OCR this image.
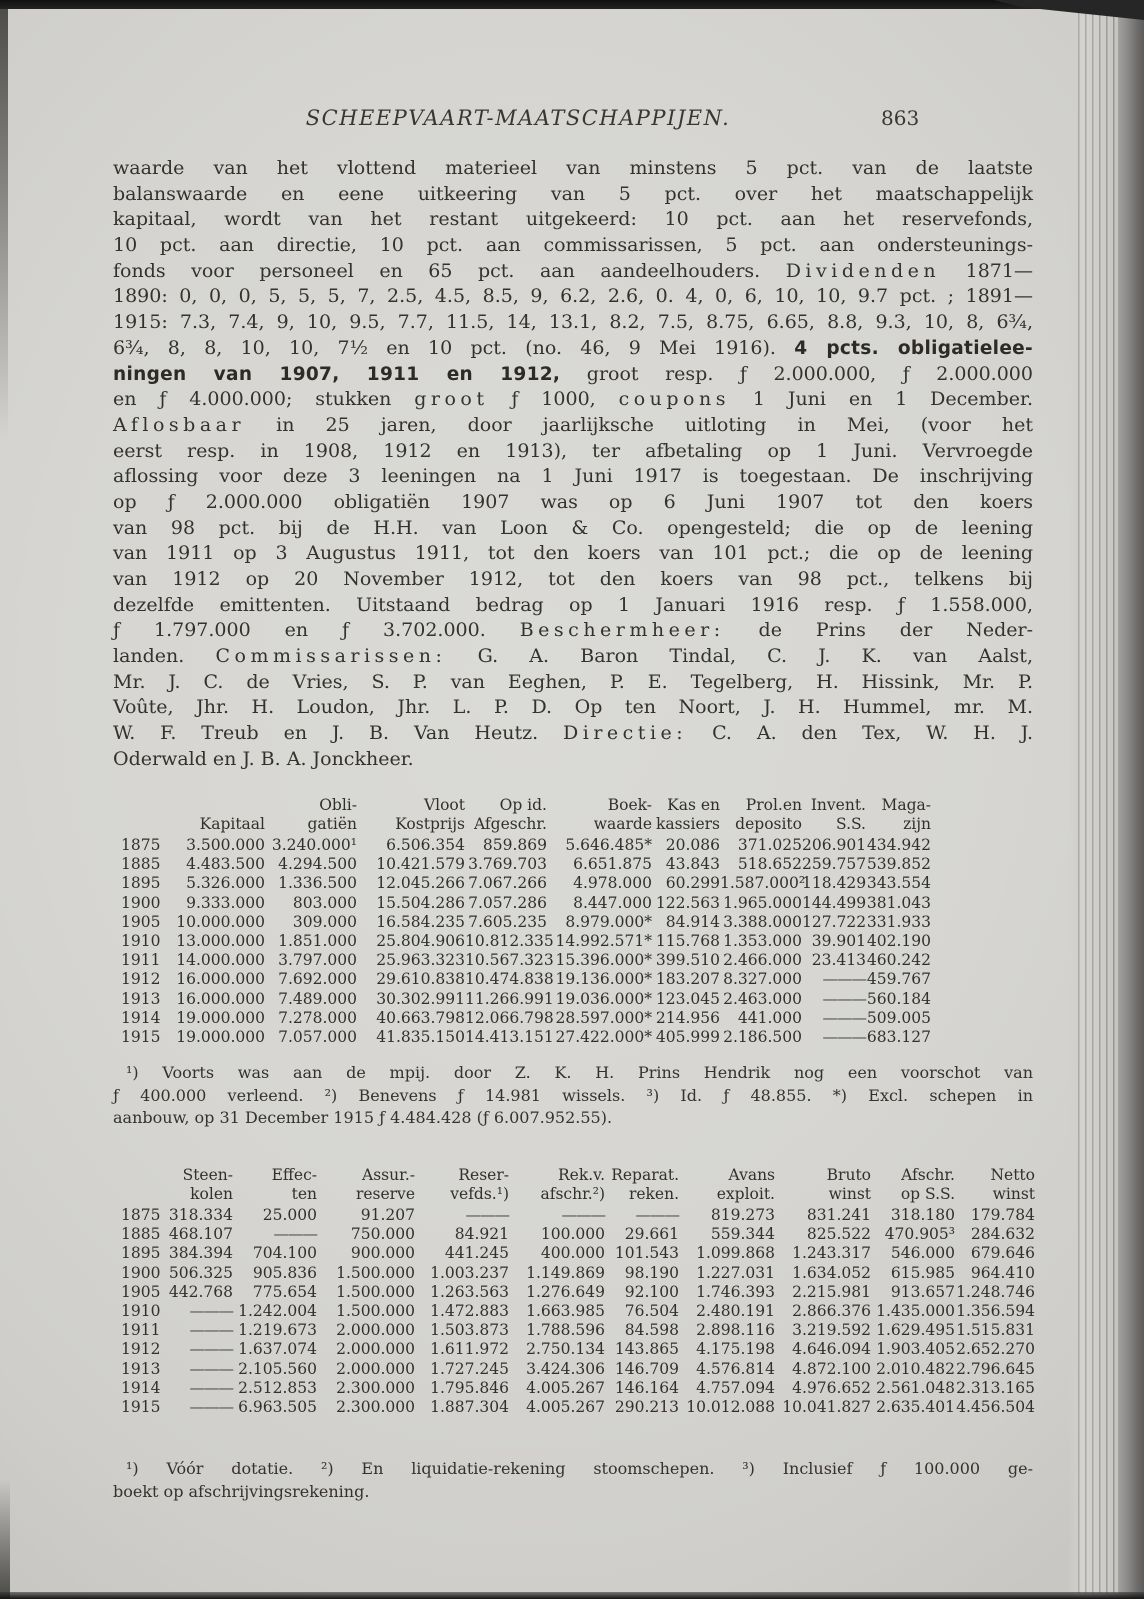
SCHEEPVAART-MAATSCHAPPIJEN.	863
waarde van het vlottend materieel van minstens 5 pct. van de laatste
balanswaarde en eene uitkeering van 5 pct. over het maatschappelijk
kapitaal, wordt van het restant uitgekeerd: 10 pct. aan het reservefonds,
10 pct. aan directie, 10 pct. aan commissarissen, 5 pct. aan ondersteunings-
fonds voor personeel en 65 pct. aan aandeelhouders. Dividenden 1871—
1890: 0, 0, 0, 5, 5, 5, 7, 2.5, 4.5, 8.5, 9, 6.2, 2.6, 0. 4, 0, 6, 10, 10, 9.7 pct. ; 1891—
1915: 7.3, 7.4, 9, 10, 9.5, 7.7, 11.5, 14, 13.1, 8.2, 7.5, 8.75, 6.65, 8.8, 9.3, 10, 8, 6¾,
6¾, 8, 8, 10, 10, 7½ en 10 pct. (no. 46, 9 Mei 1916). 4 pcts. obligatielee-
ningen van 1907, 1911 en 1912, groot resp. ƒ 2.000.000, ƒ 2.000.000
en ƒ 4.000.000; stukken groot ƒ 1000, coupons 1 Juni en 1 December.
Aflosbaar in 25 jaren, door jaarlijksche uitloting in Mei, (voor het
eerst resp. in 1908, 1912 en 1913), ter afbetaling op 1 Juni. Vervroegde
aflossing voor deze 3 leeningen na 1 Juni 1917 is toegestaan. De inschrijving
op ƒ 2.000.000 obligatiën 1907 was op 6 Juni 1907 tot den koers
van 98 pct. bij de H.H. van Loon & Co. opengesteld; die op de leening
van 1911 op 3 Augustus 1911, tot den koers van 101 pct.; die op de leening
van 1912 op 20 November 1912, tot den koers van 98 pct., telkens bij
dezelfde emittenten. Uitstaand bedrag op 1 Januari 1916 resp. ƒ 1.558.000,
ƒ 1.797.000 en ƒ 3.702.000. Beschermheer: de Prins der Neder-
landen. Commissarissen: G. A. Baron Tindal, C. J. K. van Aalst,
Mr. J. C. de Vries, S. P. van Eeghen, P. E. Tegelberg, H. Hissink, Mr. P.
Voûte, Jhr. H. Loudon, Jhr. L. P. D. Op ten Noort, J. H. Hummel, mr. M.
W. F. Treub en J. B. Van Heutz. Directie: C. A. den Tex, W. H. J.
Oderwald en J. B. A. Jonckheer.
		Obli-	Vloot	Op id.	Boek-	Kas en	Prol.en	Invent.	Maga-
	Kapitaal	gatiën	Kostprijs	Afgeschr.	waarde	kassiers	deposito	S.S.	zijn
1875	3.500.000	3.240.000¹	6.506.354	859.869	5.646.485*	20.086	371.025	206.901	434.942
1885	4.483.500	4.294.500	10.421.579	3.769.703	6.651.875	43.843	518.652	259.757	539.852
1895	5.326.000	1.336.500	12.045.266	7.067.266	4.978.000	60.299	1.587.000²	118.429	343.554
1900	9.333.000	803.000	15.504.286	7.057.286	8.447.000	122.563	1.965.000	144.499	381.043
1905	10.000.000	309.000	16.584.235	7.605.235	8.979.000*	84.914	3.388.000	127.722	331.933
1910	13.000.000	1.851.000	25.804.906	10.812.335	14.992.571*	115.768	1.353.000	39.901	402.190
1911	14.000.000	3.797.000	25.963.323	10.567.323	15.396.000*	399.510	2.466.000	23.413	460.242
1912	16.000.000	7.692.000	29.610.838	10.474.838	19.136.000*	183.207	8.327.000	———	459.767
1913	16.000.000	7.489.000	30.302.991	11.266.991	19.036.000*	123.045	2.463.000	———	560.184
1914	19.000.000	7.278.000	40.663.798	12.066.798	28.597.000*	214.956	441.000	———	509.005
1915	19.000.000	7.057.000	41.835.150	14.413.151	27.422.000*	405.999	2.186.500	———	683.127
¹) Voorts was aan de mpij. door Z. K. H. Prins Hendrik nog een voorschot van
ƒ 400.000 verleend. ²) Benevens ƒ 14.981 wissels. ³) Id. ƒ 48.855. *) Excl. schepen in
aanbouw, op 31 December 1915 ƒ 4.484.428 (ƒ 6.007.952.55).
	Steen-	Effec-	Assur.-	Reser-	Rek.v.	Reparat.	Avans	Bruto	Afschr.	Netto
	kolen	ten	reserve	vefds.¹)	afschr.²)	reken.	exploit.	winst	op S.S.	winst
1875	318.334	25.000	91.207	———	———	———	819.273	831.241	318.180	179.784
1885	468.107	———	750.000	84.921	100.000	29.661	559.344	825.522	470.905³	284.632
1895	384.394	704.100	900.000	441.245	400.000	101.543	1.099.868	1.243.317	546.000	679.646
1900	506.325	905.836	1.500.000	1.003.237	1.149.869	98.190	1.227.031	1.634.052	615.985	964.410
1905	442.768	775.654	1.500.000	1.263.563	1.276.649	92.100	1.746.393	2.215.981	913.657	1.248.746
1910	———	1.242.004	1.500.000	1.472.883	1.663.985	76.504	2.480.191	2.866.376	1.435.000	1.356.594
1911	———	1.219.673	2.000.000	1.503.873	1.788.596	84.598	2.898.116	3.219.592	1.629.495	1.515.831
1912	———	1.637.074	2.000.000	1.611.972	2.750.134	143.865	4.175.198	4.646.094	1.903.405	2.652.270
1913	———	2.105.560	2.000.000	1.727.245	3.424.306	146.709	4.576.814	4.872.100	2.010.482	2.796.645
1914	———	2.512.853	2.300.000	1.795.846	4.005.267	146.164	4.757.094	4.976.652	2.561.048	2.313.165
1915	———	6.963.505	2.300.000	1.887.304	4.005.267	290.213	10.012.088	10.041.827	2.635.401	4.456.504
¹) Vóór dotatie. ²) En liquidatie-rekening stoomschepen. ³) Inclusief ƒ 100.000 ge-
boekt op afschrijvingsrekening.
